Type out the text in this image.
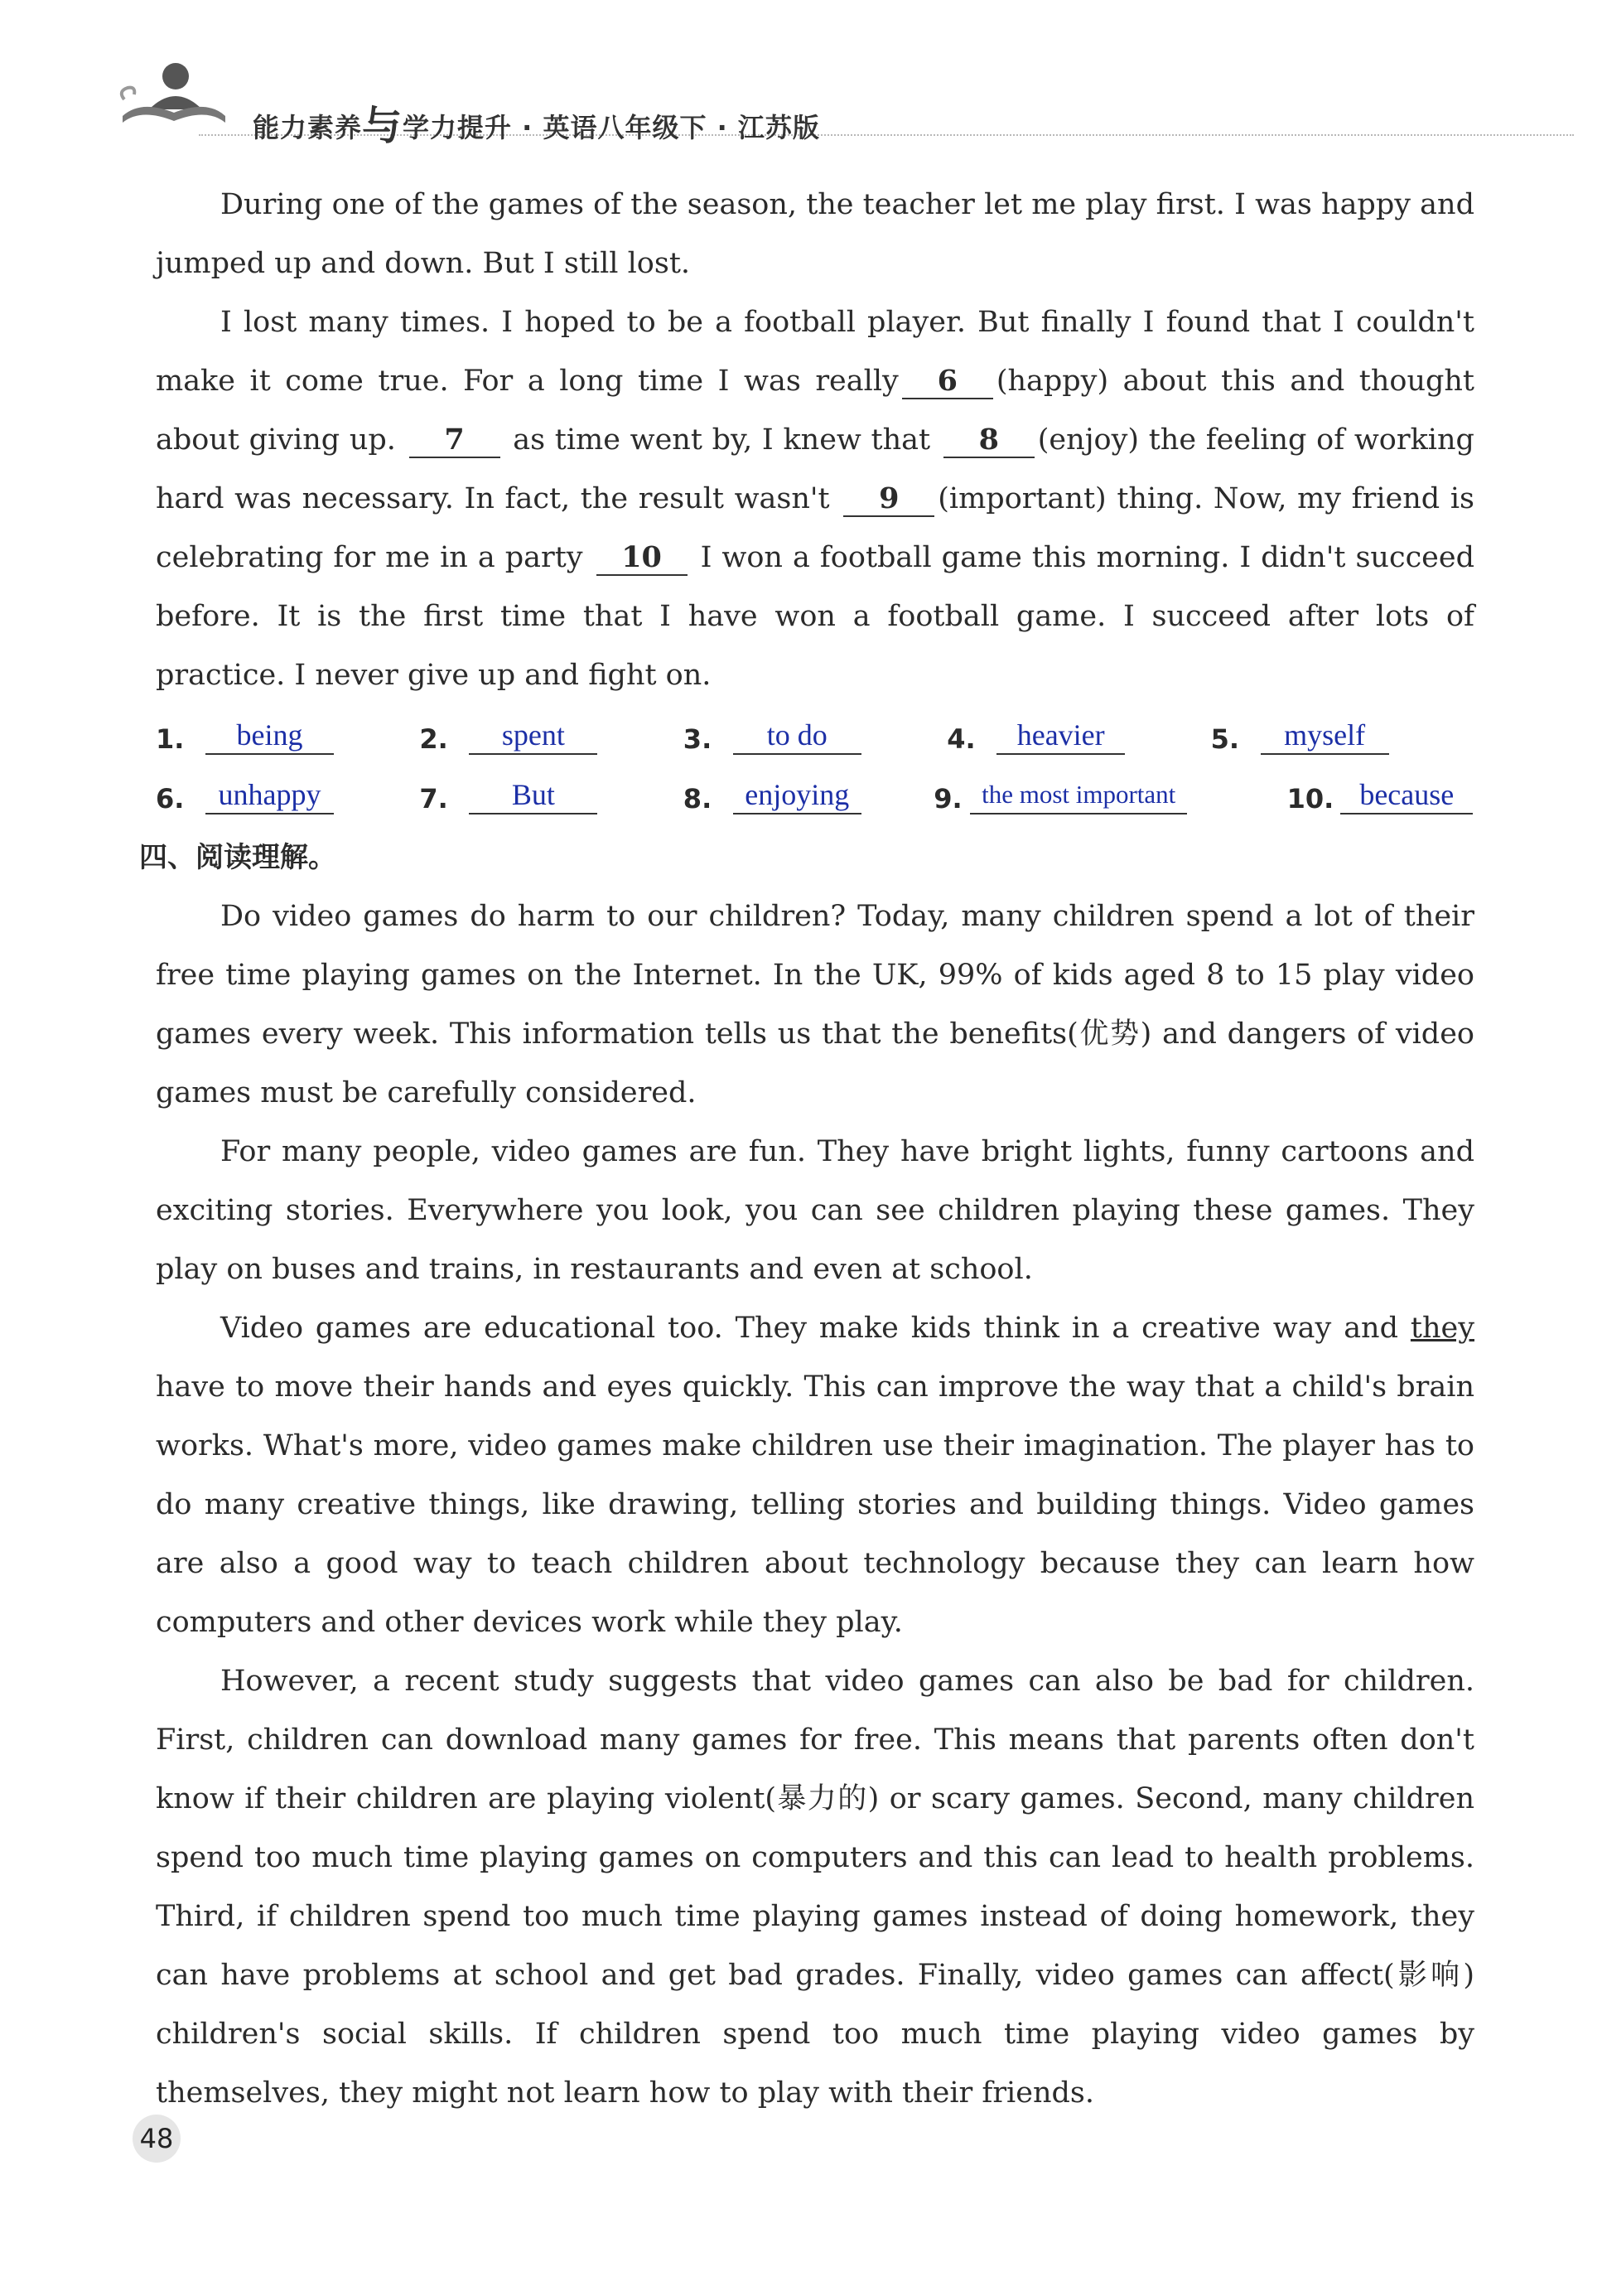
能力素养与学力提升 · 英语八年级下 · 江苏版

During one of the games of the season, the teacher let me play first. I was happy and jumped up and down. But I still lost.

I lost many times. I hoped to be a football player. But finally I found that I couldn't make it come true. For a long time I was really 6 (happy) about this and thought about giving up. 7 as time went by, I knew that 8 (enjoy) the feeling of working hard was necessary. In fact, the result wasn't 9 (important) thing. Now, my friend is celebrating for me in a party 10 I won a football game this morning. I didn't succeed before. It is the first time that I have won a football game. I succeed after lots of practice. I never give up and fight on.

1.	being	2.	spent	3.	to do	4.	heavier	5.	myself
6.	unhappy	7.	But	8.	enjoying	9. the most important	10. because
四、阅读理解。

Do video games do harm to our children? Today, many children spend a lot of their free time playing games on the Internet. In the UK, 99% of kids aged 8 to 15 play video games every week. This information tells us that the benefits(优势) and dangers of video games must be carefully considered.

For many people, video games are fun. They have bright lights, funny cartoons and exciting stories. Everywhere you look, you can see children playing these games. They play on buses and trains, in restaurants and even at school.

Video games are educational too. They make kids think in a creative way and they have to move their hands and eyes quickly. This can improve the way that a child's brain works. What's more, video games make children use their imagination. The player has to do many creative things, like drawing, telling stories and building things. Video games are also a good way to teach children about technology because they can learn how computers and other devices work while they play.

However, a recent study suggests that video games can also be bad for children. First, children can download many games for free. This means that parents often don't know if their children are playing violent(暴力的) or scary games. Second, many children spend too much time playing games on computers and this can lead to health problems. Third, if children spend too much time playing games instead of doing homework, they can have problems at school and get bad grades. Finally, video games can affect(影响) children's social skills. If children spend too much time playing video games by themselves, they might not learn how to play with their friends.

48
